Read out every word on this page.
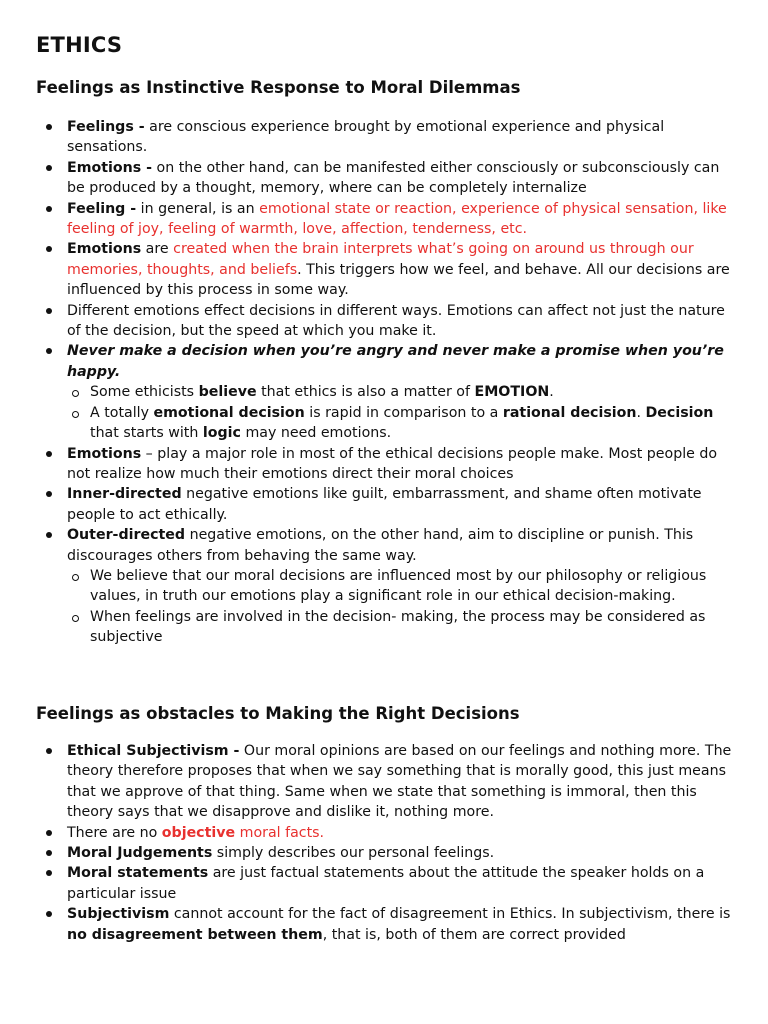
ETHICS
Feelings as Instinctive Response to Moral Dilemmas
Feelings - are conscious experience brought by emotional experience and physical sensations.
Emotions - on the other hand, can be manifested either consciously or subconsciously can be produced by a thought, memory, where can be completely internalize
Feeling - in general, is an emotional state or reaction, experience of physical sensation, like feeling of joy, feeling of warmth, love, affection, tenderness, etc.
Emotions are created when the brain interprets what’s going on around us through our memories, thoughts, and beliefs. This triggers how we feel, and behave. All our decisions are influenced by this process in some way.
Different emotions effect decisions in different ways. Emotions can affect not just the nature of the decision, but the speed at which you make it.
Never make a decision when you’re angry and never make a promise when you’re happy.
Some ethicists believe that ethics is also a matter of EMOTION.
A totally emotional decision is rapid in comparison to a rational decision. Decision that starts with logic may need emotions.
Emotions – play a major role in most of the ethical decisions people make. Most people do not realize how much their emotions direct their moral choices
Inner-directed negative emotions like guilt, embarrassment, and shame often motivate people to act ethically.
Outer-directed negative emotions, on the other hand, aim to discipline or punish. This discourages others from behaving the same way.
We believe that our moral decisions are influenced most by our philosophy or religious values, in truth our emotions play a significant role in our ethical decision-making.
When feelings are involved in the decision- making, the process may be considered as subjective
Feelings as obstacles to Making the Right Decisions
Ethical Subjectivism - Our moral opinions are based on our feelings and nothing more. The theory therefore proposes that when we say something that is morally good, this just means that we approve of that thing. Same when we state that something is immoral, then this theory says that we disapprove and dislike it, nothing more.
There are no objective moral facts.
Moral Judgements simply describes our personal feelings.
Moral statements are just factual statements about the attitude the speaker holds on a particular issue
Subjectivism cannot account for the fact of disagreement in Ethics. In subjectivism, there is no disagreement between them, that is, both of them are correct provided
